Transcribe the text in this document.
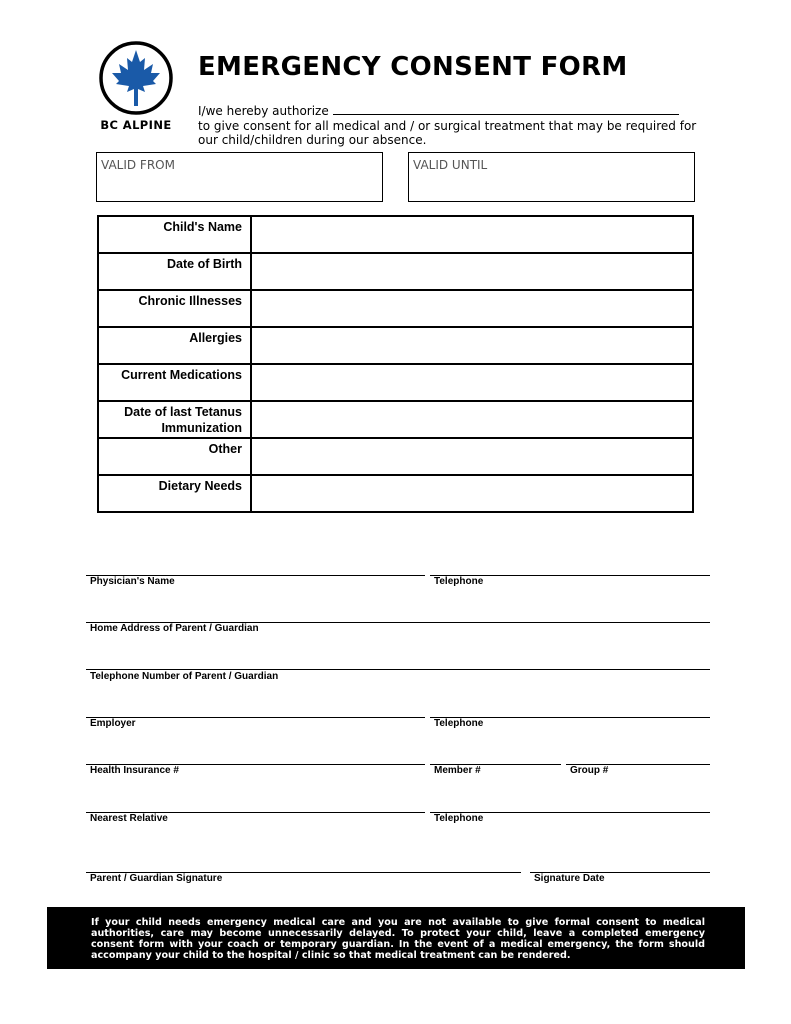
BC ALPINE
EMERGENCY CONSENT FORM
I/we hereby authorize
to give consent for all medical and / or surgical treatment that may be required for
our child/children during our absence.
VALID FROM	VALID UNTIL
Child's Name	
Date of Birth	
Chronic Illnesses	
Allergies	
Current Medications	
Date of last Tetanus Immunization	
Other	
Dietary Needs	
Physician's Name	Telephone
Home Address of Parent / Guardian
Telephone Number of Parent / Guardian
Employer	Telephone
Health Insurance #	Member #	Group #
Nearest Relative	Telephone
Parent / Guardian Signature	Signature Date
If your child needs emergency medical care and you are not available to give formal consent to medical authorities, care may become unnecessarily delayed. To protect your child, leave a completed emergency consent form with your coach or temporary guardian. In the event of a medical emergency, the form should accompany your child to the hospital / clinic so that medical treatment can be rendered.
